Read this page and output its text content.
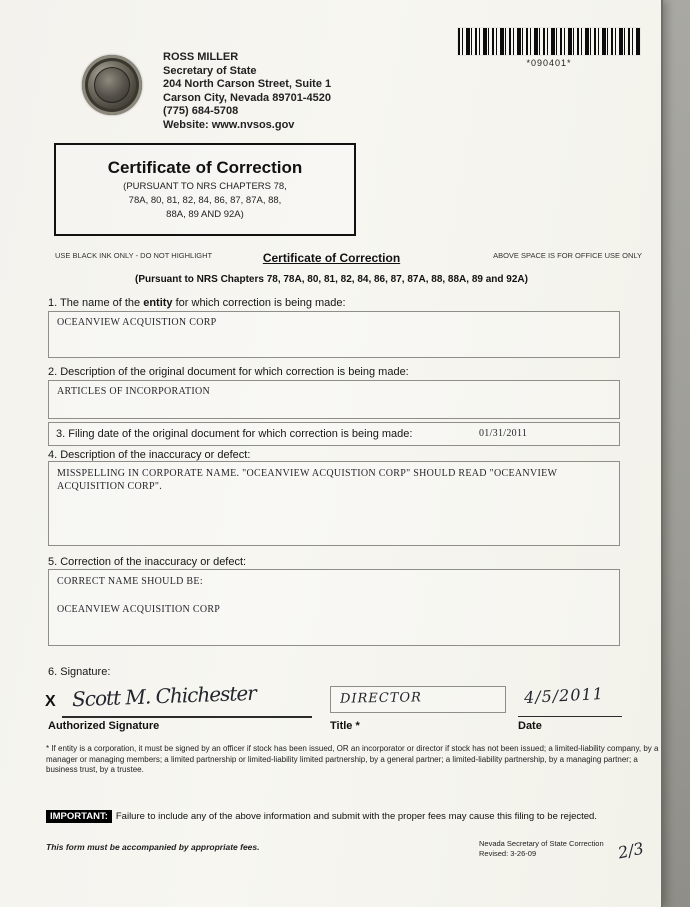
ROSS MILLER
Secretary of State
204 North Carson Street, Suite 1
Carson City, Nevada 89701-4520
(775) 684-5708
Website: www.nvsos.gov
*090401*
Certificate of Correction
(PURSUANT TO NRS CHAPTERS 78,
78A, 80, 81, 82, 84, 86, 87, 87A, 88,
88A, 89 AND 92A)
USE BLACK INK ONLY - DO NOT HIGHLIGHT	Certificate of Correction	ABOVE SPACE IS FOR OFFICE USE ONLY
(Pursuant to NRS Chapters 78, 78A, 80, 81, 82, 84, 86, 87, 87A, 88, 88A, 89 and 92A)
1. The name of the entity for which correction is being made:
OCEANVIEW ACQUISTION CORP
2. Description of the original document for which correction is being made:
ARTICLES OF INCORPORATION
3. Filing date of the original document for which correction is being made:	01/31/2011
4. Description of the inaccuracy or defect:
MISSPELLING IN CORPORATE NAME. "OCEANVIEW ACQUISTION CORP" SHOULD READ "OCEANVIEW ACQUISITION CORP".
5. Correction of the inaccuracy or defect:
CORRECT NAME SHOULD BE:
OCEANVIEW ACQUISITION CORP
6. Signature:
X Scott M. Chichester
Authorized Signature
DIRECTOR
Title *
4/5/2011
Date
* If entity is a corporation, it must be signed by an officer if stock has been issued, OR an incorporator or director if stock has not been issued; a limited-liability company, by a manager or managing members; a limited partnership or limited-liability limited partnership, by a general partner; a limited-liability partnership, by a managing partner; a business trust, by a trustee.
IMPORTANT: Failure to include any of the above information and submit with the proper fees may cause this filing to be rejected.
This form must be accompanied by appropriate fees.	Nevada Secretary of State Correction
Revised: 3-26-09	2/3
